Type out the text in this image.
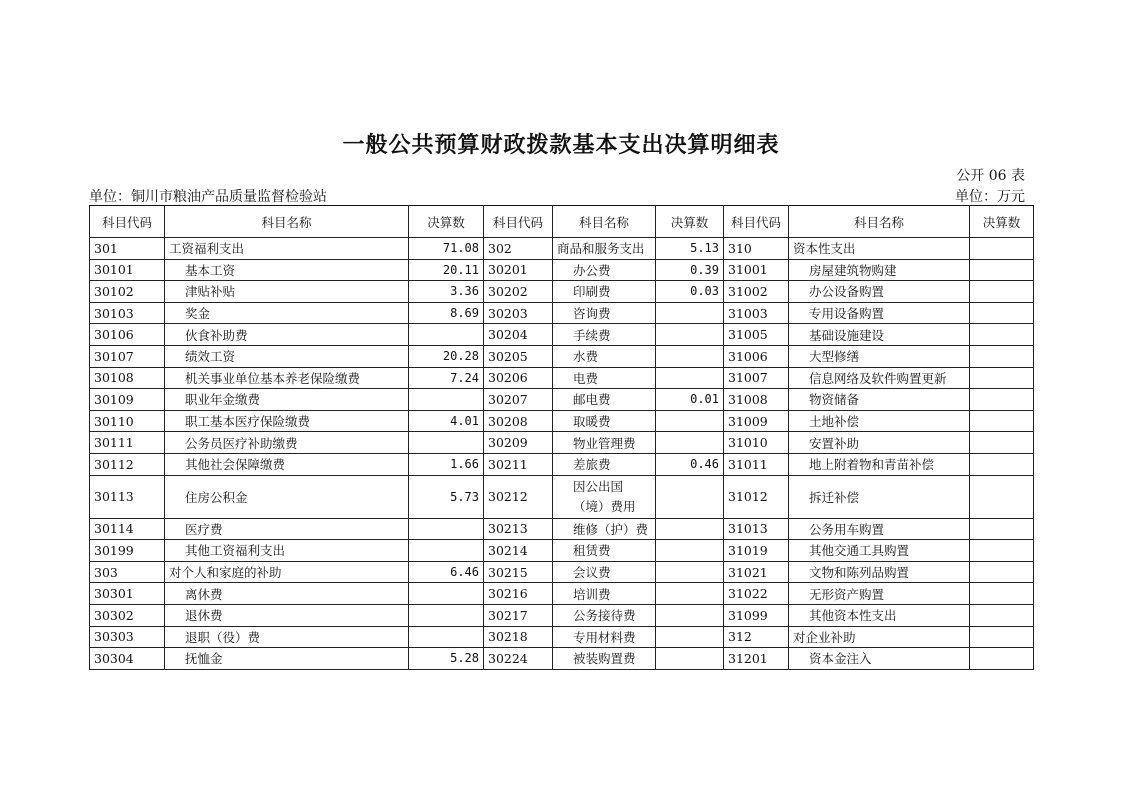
一般公共预算财政拨款基本支出决算明细表
公开 06 表
单位：铜川市粮油产品质量监督检验站	单位：万元
科目代码	科目名称	决算数	科目代码	科目名称	决算数	科目代码	科目名称	决算数
301	工资福利支出	71.08	302	商品和服务支出	5.13	310	资本性支出	
30101	基本工资	20.11	30201	办公费	0.39	31001	房屋建筑物购建	
30102	津贴补贴	3.36	30202	印刷费	0.03	31002	办公设备购置	
30103	奖金	8.69	30203	咨询费		31003	专用设备购置	
30106	伙食补助费		30204	手续费		31005	基础设施建设	
30107	绩效工资	20.28	30205	水费		31006	大型修缮	
30108	机关事业单位基本养老保险缴费	7.24	30206	电费		31007	信息网络及软件购置更新	
30109	职业年金缴费		30207	邮电费	0.01	31008	物资储备	
30110	职工基本医疗保险缴费	4.01	30208	取暖费		31009	土地补偿	
30111	公务员医疗补助缴费		30209	物业管理费		31010	安置补助	
30112	其他社会保障缴费	1.66	30211	差旅费	0.46	31011	地上附着物和青苗补偿	
30113	住房公积金	5.73	30212	因公出国（境）费用		31012	拆迁补偿	
30114	医疗费		30213	维修（护）费		31013	公务用车购置	
30199	其他工资福利支出		30214	租赁费		31019	其他交通工具购置	
303	对个人和家庭的补助	6.46	30215	会议费		31021	文物和陈列品购置	
30301	离休费		30216	培训费		31022	无形资产购置	
30302	退休费		30217	公务接待费		31099	其他资本性支出	
30303	退职（役）费		30218	专用材料费		312	对企业补助	
30304	抚恤金	5.28	30224	被装购置费		31201	资本金注入	
